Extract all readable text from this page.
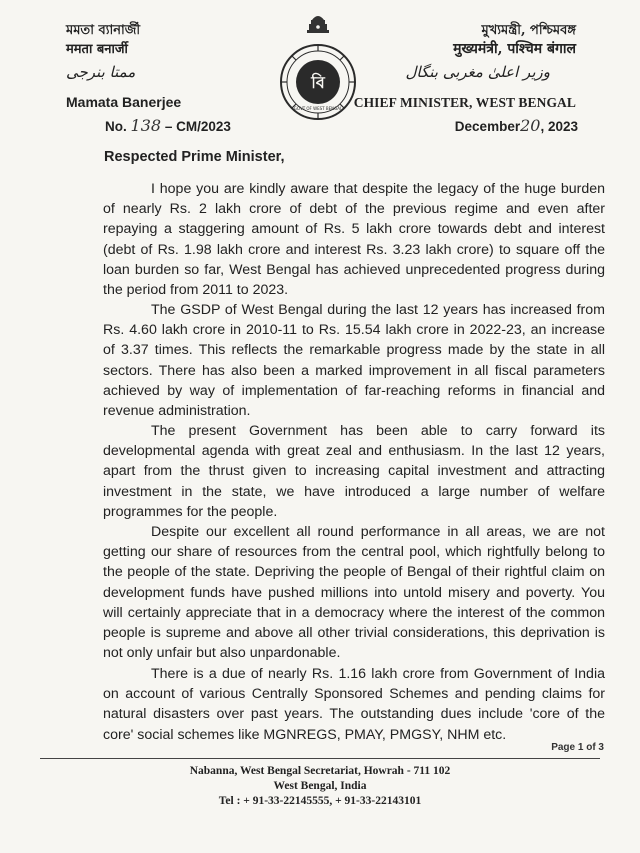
মমতা ব্যানার্জী
ममता बनार्जी
ممتا بنرجی
Mamata Banerjee
No. 138 – CM/2023
বি
GOVT OF WEST BENGAL
মুখ্যমন্ত্রী, পশ্চিমবঙ্গ
मुख्यमंत्री, पश्चिम बंगाल
وزیر اعلیٰ مغربی بنگال
CHIEF MINISTER, WEST BENGAL
December20, 2023
Respected Prime Minister,

I hope you are kindly aware that despite the legacy of the huge burden of nearly Rs. 2 lakh crore of debt of the previous regime and even after repaying a staggering amount of Rs. 5 lakh crore towards debt and interest (debt of Rs. 1.98 lakh crore and interest Rs. 3.23 lakh crore) to square off the loan burden so far, West Bengal has achieved unprecedented progress during the period from 2011 to 2023.

The GSDP of West Bengal during the last 12 years has increased from Rs. 4.60 lakh crore in 2010-11 to Rs. 15.54 lakh crore in 2022-23, an increase of 3.37 times. This reflects the remarkable progress made by the state in all sectors. There has also been a marked improvement in all fiscal parameters achieved by way of implementation of far-reaching reforms in financial and revenue administration.

The present Government has been able to carry forward its developmental agenda with great zeal and enthusiasm. In the last 12 years, apart from the thrust given to increasing capital investment and attracting investment in the state, we have introduced a large number of welfare programmes for the people.

Despite our excellent all round performance in all areas, we are not getting our share of resources from the central pool, which rightfully belong to the people of the state. Depriving the people of Bengal of their rightful claim on development funds have pushed millions into untold misery and poverty. You will certainly appreciate that in a democracy where the interest of the common people is supreme and above all other trivial considerations, this deprivation is not only unfair but also unpardonable.

There is a due of nearly Rs. 1.16 lakh crore from Government of India on account of various Centrally Sponsored Schemes and pending claims for natural disasters over past years. The outstanding dues include 'core of the core' social schemes like MGNREGS, PMAY, PMGSY, NHM etc.

Page 1 of 3
Nabanna, West Bengal Secretariat, Howrah - 711 102
West Bengal, India
Tel : + 91-33-22145555, + 91-33-22143101
